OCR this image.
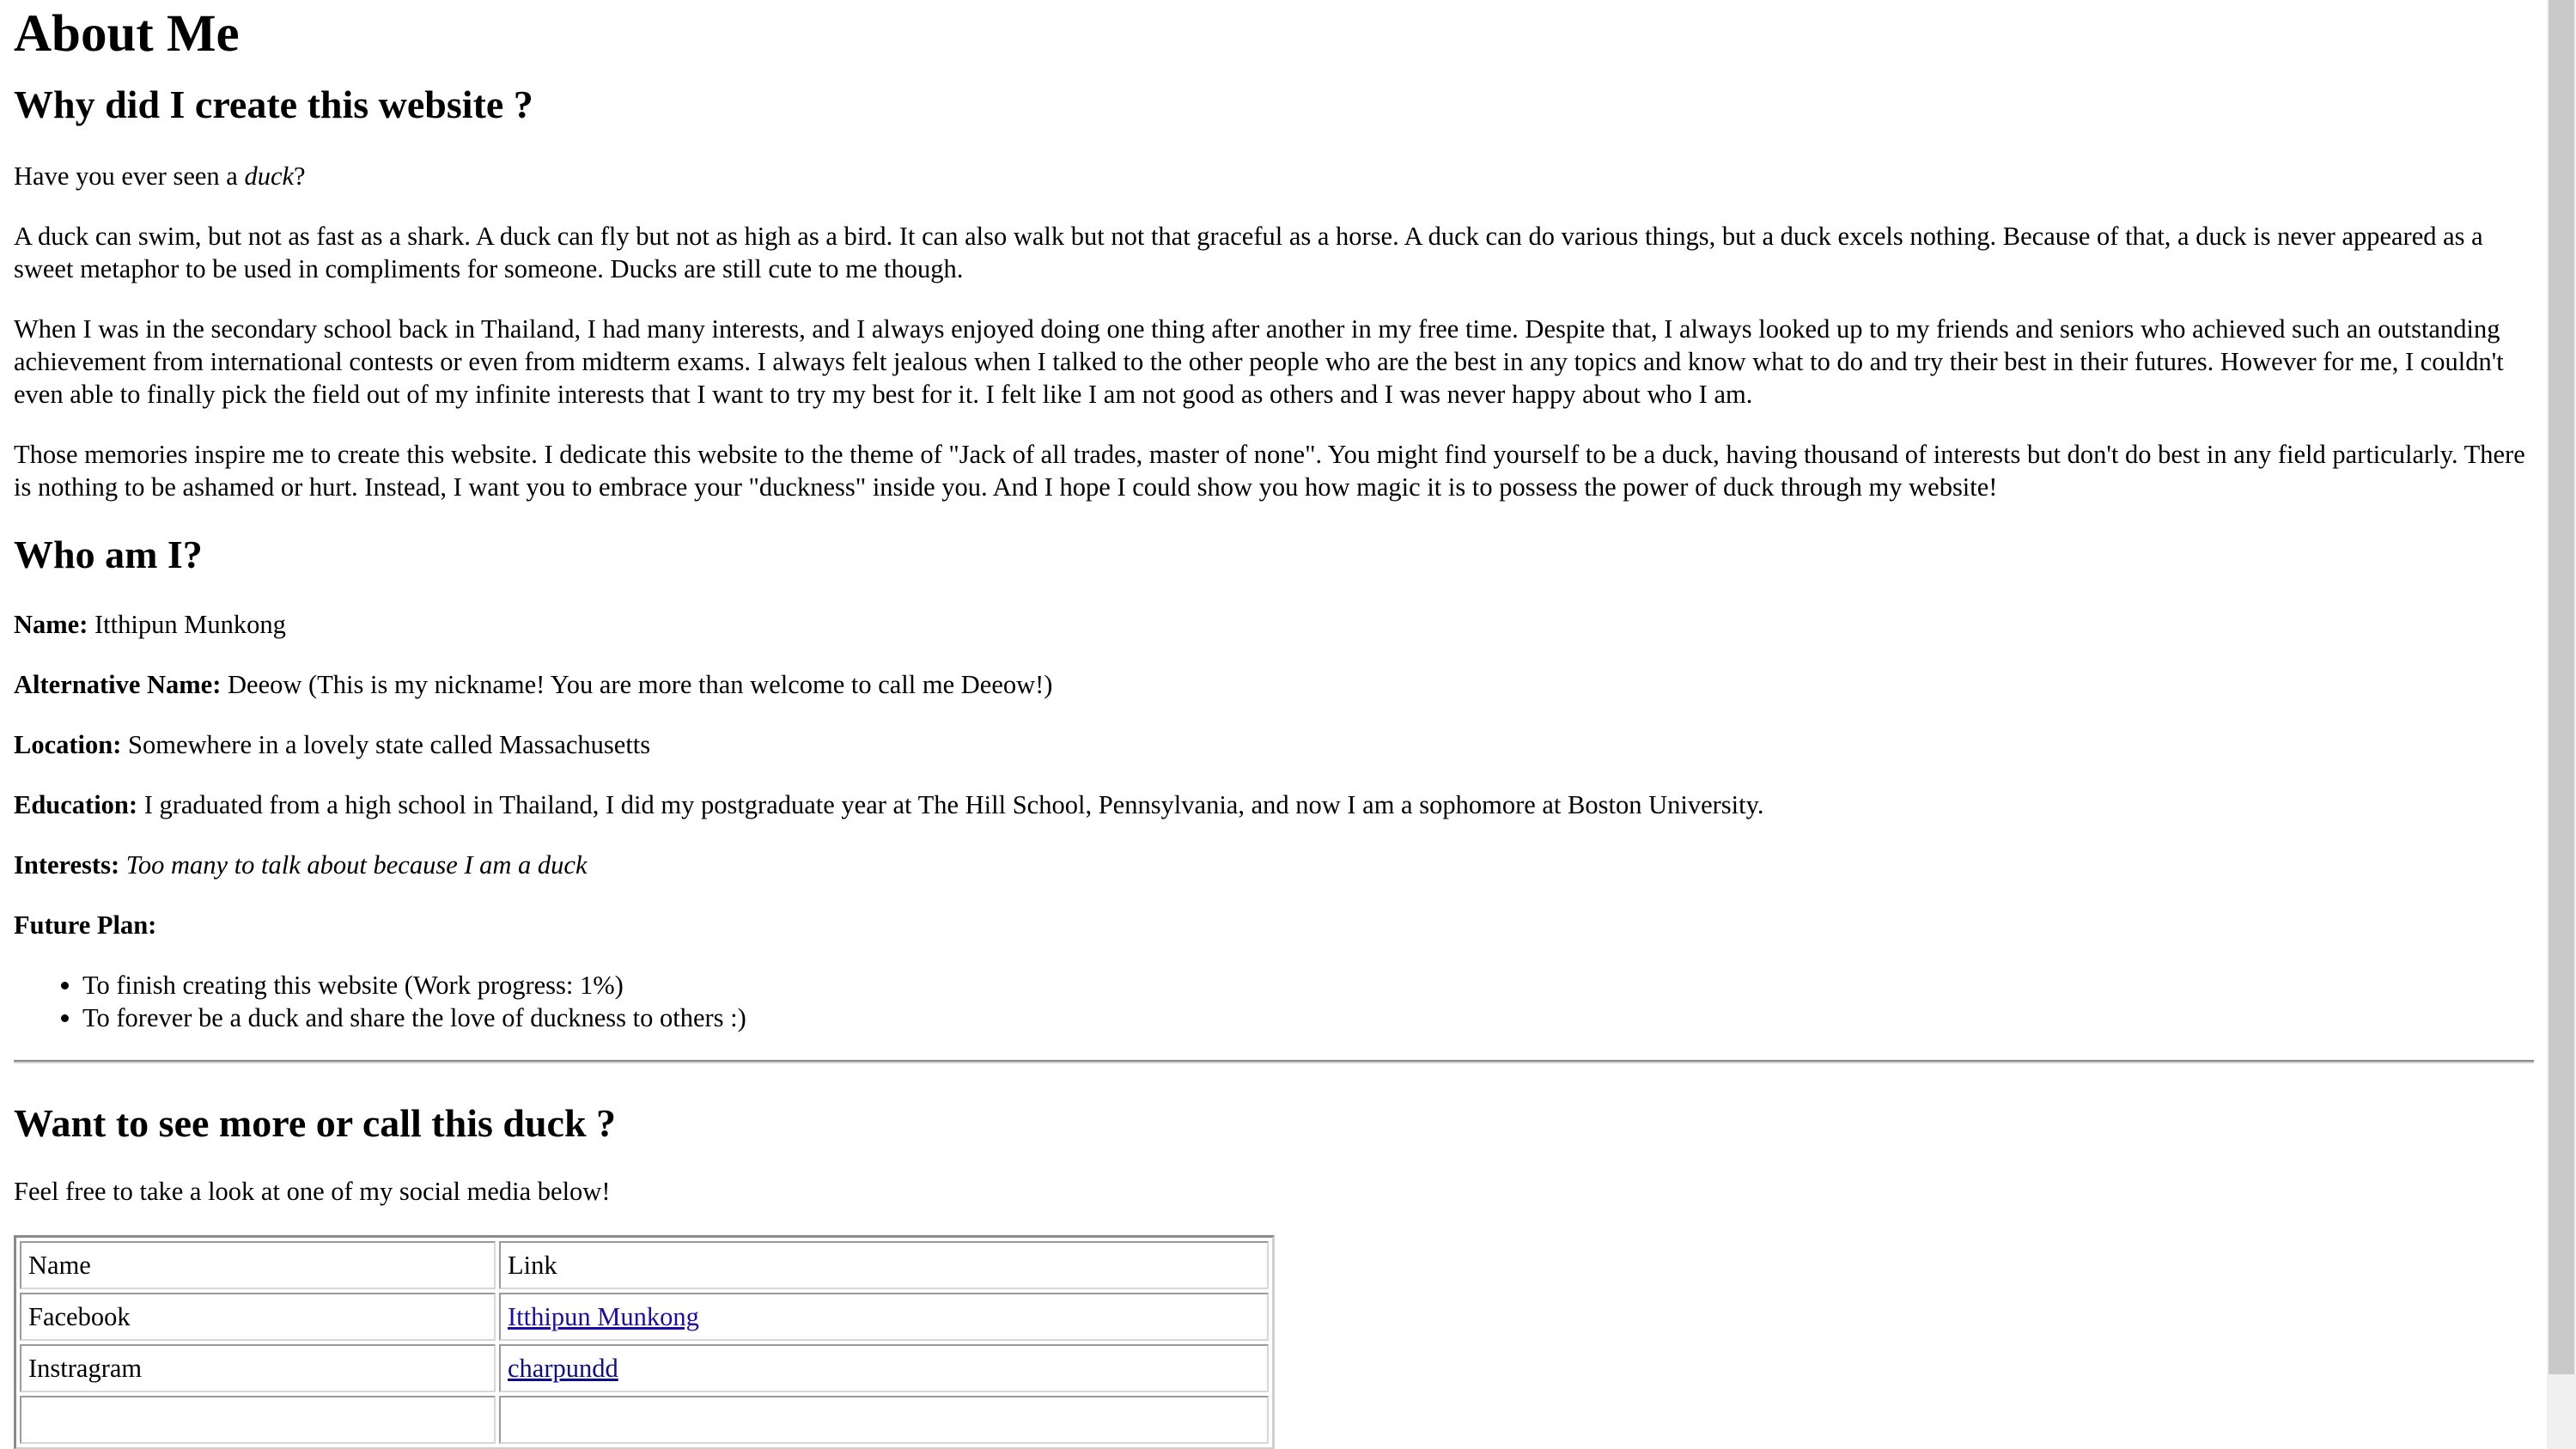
About Me
Why did I create this website ?

Have you ever seen a duck?

A duck can swim, but not as fast as a shark. A duck can fly but not as high as a bird. It can also walk but not that graceful as a horse. A duck can do various things, but a duck excels nothing. Because of that, a duck is never appeared as a sweet metaphor to be used in compliments for someone. Ducks are still cute to me though.

When I was in the secondary school back in Thailand, I had many interests, and I always enjoyed doing one thing after another in my free time. Despite that, I always looked up to my friends and seniors who achieved such an outstanding achievement from international contests or even from midterm exams. I always felt jealous when I talked to the other people who are the best in any topics and know what to do and try their best in their futures. However for me, I couldn't even able to finally pick the field out of my infinite interests that I want to try my best for it. I felt like I am not good as others and I was never happy about who I am.

Those memories inspire me to create this website. I dedicate this website to the theme of "Jack of all trades, master of none". You might find yourself to be a duck, having thousand of interests but don't do best in any field particularly. There is nothing to be ashamed or hurt. Instead, I want you to embrace your "duckness" inside you. And I hope I could show you how magic it is to possess the power of duck through my website!

Who am I?

Name: Itthipun Munkong

Alternative Name: Deeow (This is my nickname! You are more than welcome to call me Deeow!)

Location: Somewhere in a lovely state called Massachusetts

Education: I graduated from a high school in Thailand, I did my postgraduate year at The Hill School, Pennsylvania, and now I am a sophomore at Boston University.

Interests: Too many to talk about because I am a duck

Future Plan:

• To finish creating this website (Work progress: 1%)
• To forever be a duck and share the love of duckness to others :)
Want to see more or call this duck ?

Feel free to take a look at one of my social media below!

Name	Link
Facebook	Itthipun Munkong
Instragram	charpundd
